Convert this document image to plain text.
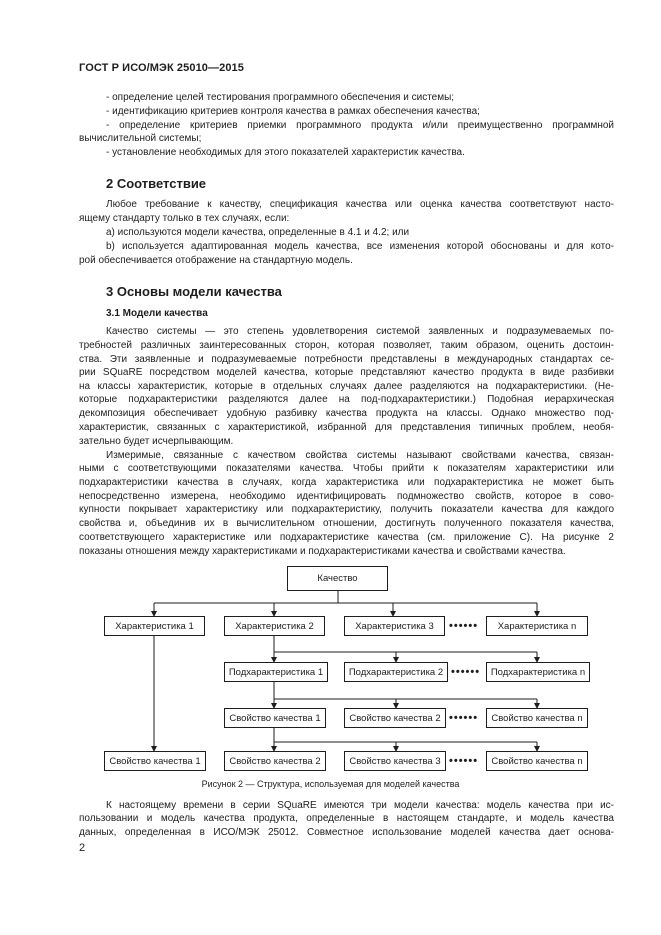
ГОСТ Р ИСО/МЭК 25010—2015
- определение целей тестирования программного обеспечения и системы;
- идентификацию критериев контроля качества в рамках обеспечения качества;
- определение критериев приемки программного продукта и/или преимущественно программной
вычислительной системы;
- установление необходимых для этого показателей характеристик качества.
2 Соответствие
Любое требование к качеству, спецификация качества или оценка качества соответствуют насто-
ящему стандарту только в тех случаях, если:
а) используются модели качества, определенные в 4.1 и 4.2; или
b) используется адаптированная модель качества, все изменения которой обоснованы и для кото-
рой обеспечивается отображение на стандартную модель.
3 Основы модели качества
3.1 Модели качества
Качество системы — это степень удовлетворения системой заявленных и подразумеваемых по-
требностей различных заинтересованных сторон, которая позволяет, таким образом, оценить достоин-
ства. Эти заявленные и подразумеваемые потребности представлены в международных стандартах се-
рии SQuaRE посредством моделей качества, которые представляют качество продукта в виде разбивки
на классы характеристик, которые в отдельных случаях далее разделяются на подхарактеристики. (Не-
которые подхарактеристики разделяются далее на под-подхарактеристики.) Подобная иерархическая
декомпозиция обеспечивает удобную разбивку качества продукта на классы. Однако множество под-
характеристик, связанных с характеристикой, избранной для представления типичных проблем, необя-
зательно будет исчерпывающим.
Измеримые, связанные с качеством свойства системы называют свойствами качества, связан-
ными с соответствующими показателями качества. Чтобы прийти к показателям характеристики или
подхарактеристики качества в случаях, когда характеристика или подхарактеристика не может быть
непосредственно измерена, необходимо идентифицировать подмножество свойств, которое в сово-
купности покрывает характеристику или подхарактеристику, получить показатели качества для каждого
свойства и, объединив их в вычислительном отношении, достигнуть полученного показателя качества,
соответствующего характеристике или подхарактеристике качества (см. приложение С). На рисунке 2
показаны отношения между характеристиками и подхарактеристиками качества и свойствами качества.
Качество
Характеристика 1	Характеристика 2	Характеристика 3	Характеристика n
Подхарактеристика 1	Подхарактеристика 2	Подхарактеристика n
Свойство качества 1	Свойство качества 2	Свойство качества n
Свойство качества 1	Свойство качества 2	Свойство качества 3	Свойство качества n
••••••
••••••
••••••
••••••
Рисунок 2 — Структура, используемая для моделей качества
К настоящему времени в серии SQuaRE имеются три модели качества: модель качества при ис-
пользовании и модель качества продукта, определенные в настоящем стандарте, и модель качества
данных, определенная в ИСО/МЭК 25012. Совместное использование моделей качества дает основа-
2
